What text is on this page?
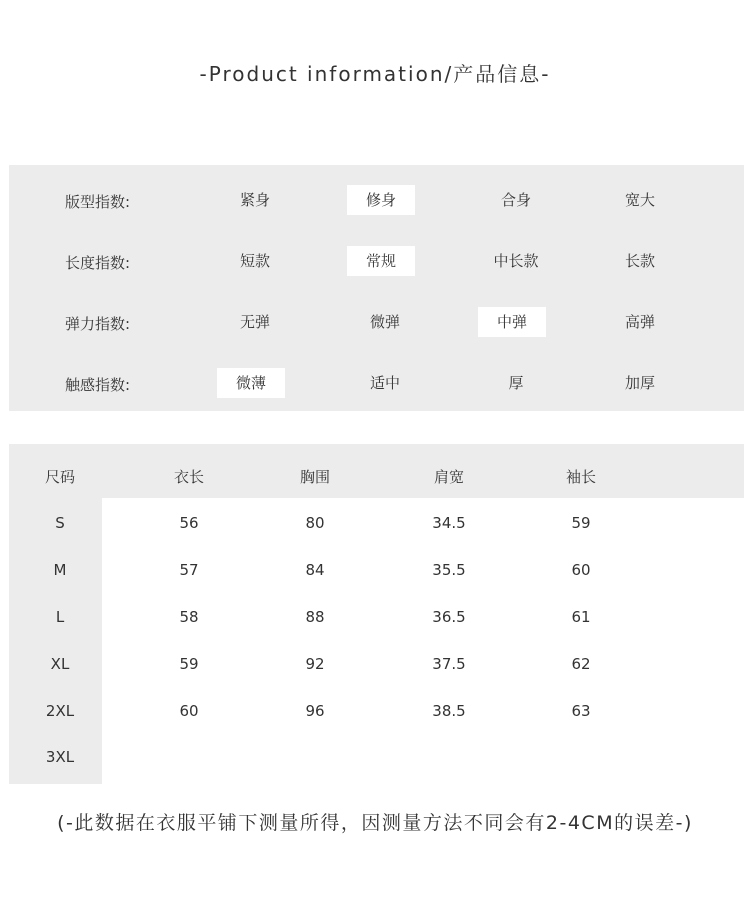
-Product information/产品信息-
版型指数:	紧身	修身	合身	宽大
长度指数:	短款	常规	中长款	长款
弹力指数:	无弹	微弹	中弹	高弹
触感指数:	微薄	适中	厚	加厚
尺码	衣长	胸围	肩宽	袖长
S	56	80	34.5	59
M	57	84	35.5	60
L	58	88	36.5	61
XL	59	92	37.5	62
2XL	60	96	38.5	63
3XL
(-此数据在衣服平铺下测量所得，因测量方法不同会有2-4CM的误差-)
